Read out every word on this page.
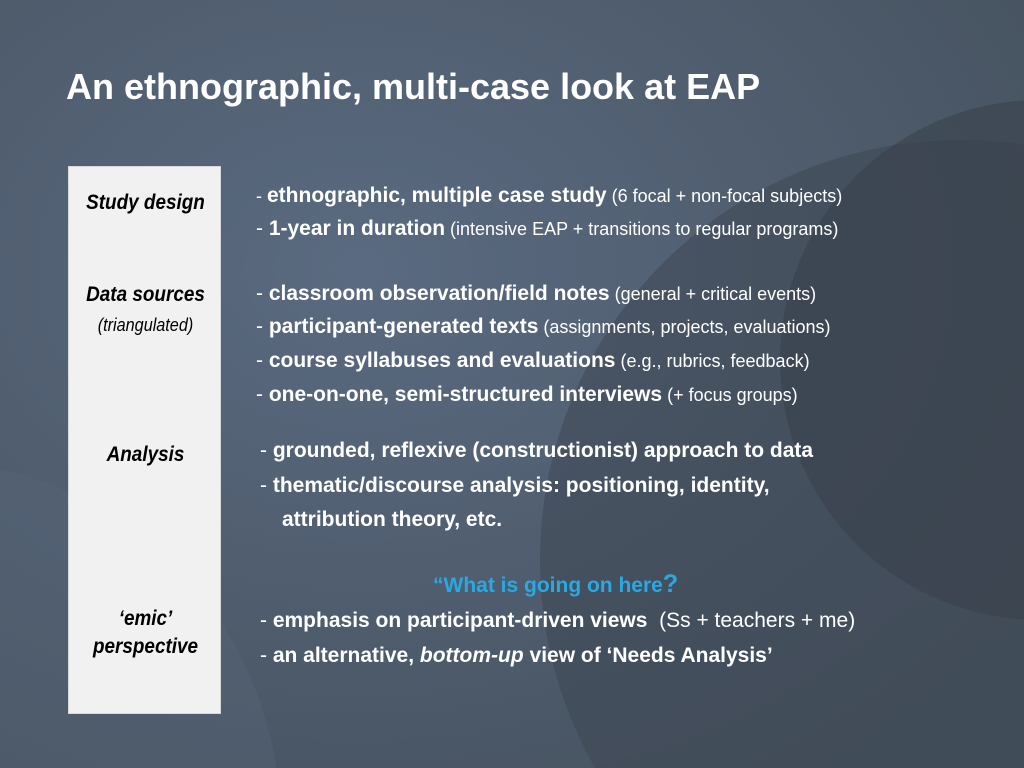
An ethnographic, multi-case look at EAP
Study design
Data sources
(triangulated)
Analysis
‘emic’
perspective
- ethnographic, multiple case study (6 focal + non-focal subjects)
- 1-year in duration (intensive EAP + transitions to regular programs)
- classroom observation/field notes (general + critical events)
- participant-generated texts (assignments, projects, evaluations)
- course syllabuses and evaluations (e.g., rubrics, feedback)
- one-on-one, semi-structured interviews (+ focus groups)
- grounded, reflexive (constructionist) approach to data
- thematic/discourse analysis: positioning, identity,
attribution theory, etc.
“What is going on here?
- emphasis on participant-driven views  (Ss + teachers + me)
- an alternative, bottom-up view of ‘Needs Analysis’
